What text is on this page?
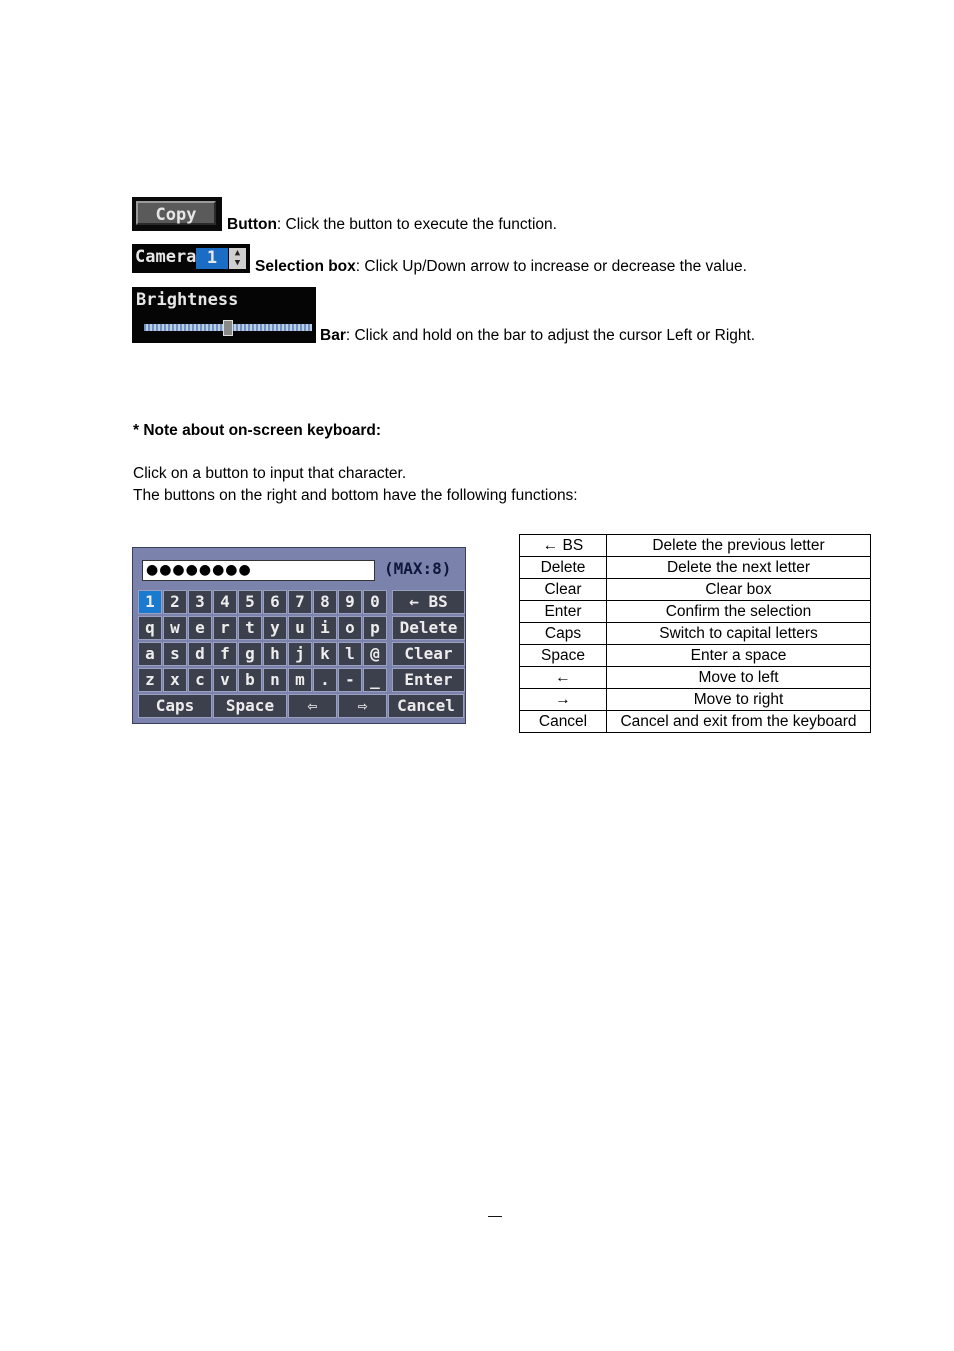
Copy	Button: Click the button to execute the function.
Camera 1	▲
▼ Selection box: Click Up/Down arrow to increase or decrease the value.
Brightness
Bar: Click and hold on the bar to adjust the cursor Left or Right.
* Note about on-screen keyboard:
Click on a button to input that character.
The buttons on the right and bottom have the following functions:
●●●●●●●●	(MAX:8)
1 2 3 4 5 6 7 8 9 0	← BS
q w e r t y u i o p	Delete
a s d f g h j k l @	Clear
z x c v b n m . - _	Enter
Caps	Space	⇦	⇨	Cancel
← BS	Delete the previous letter
Delete	Delete the next letter
Clear	Clear box
Enter	Confirm the selection
Caps	Switch to capital letters
Space	Enter a space
←	Move to left
→	Move to right
Cancel	Cancel and exit from the keyboard
—
